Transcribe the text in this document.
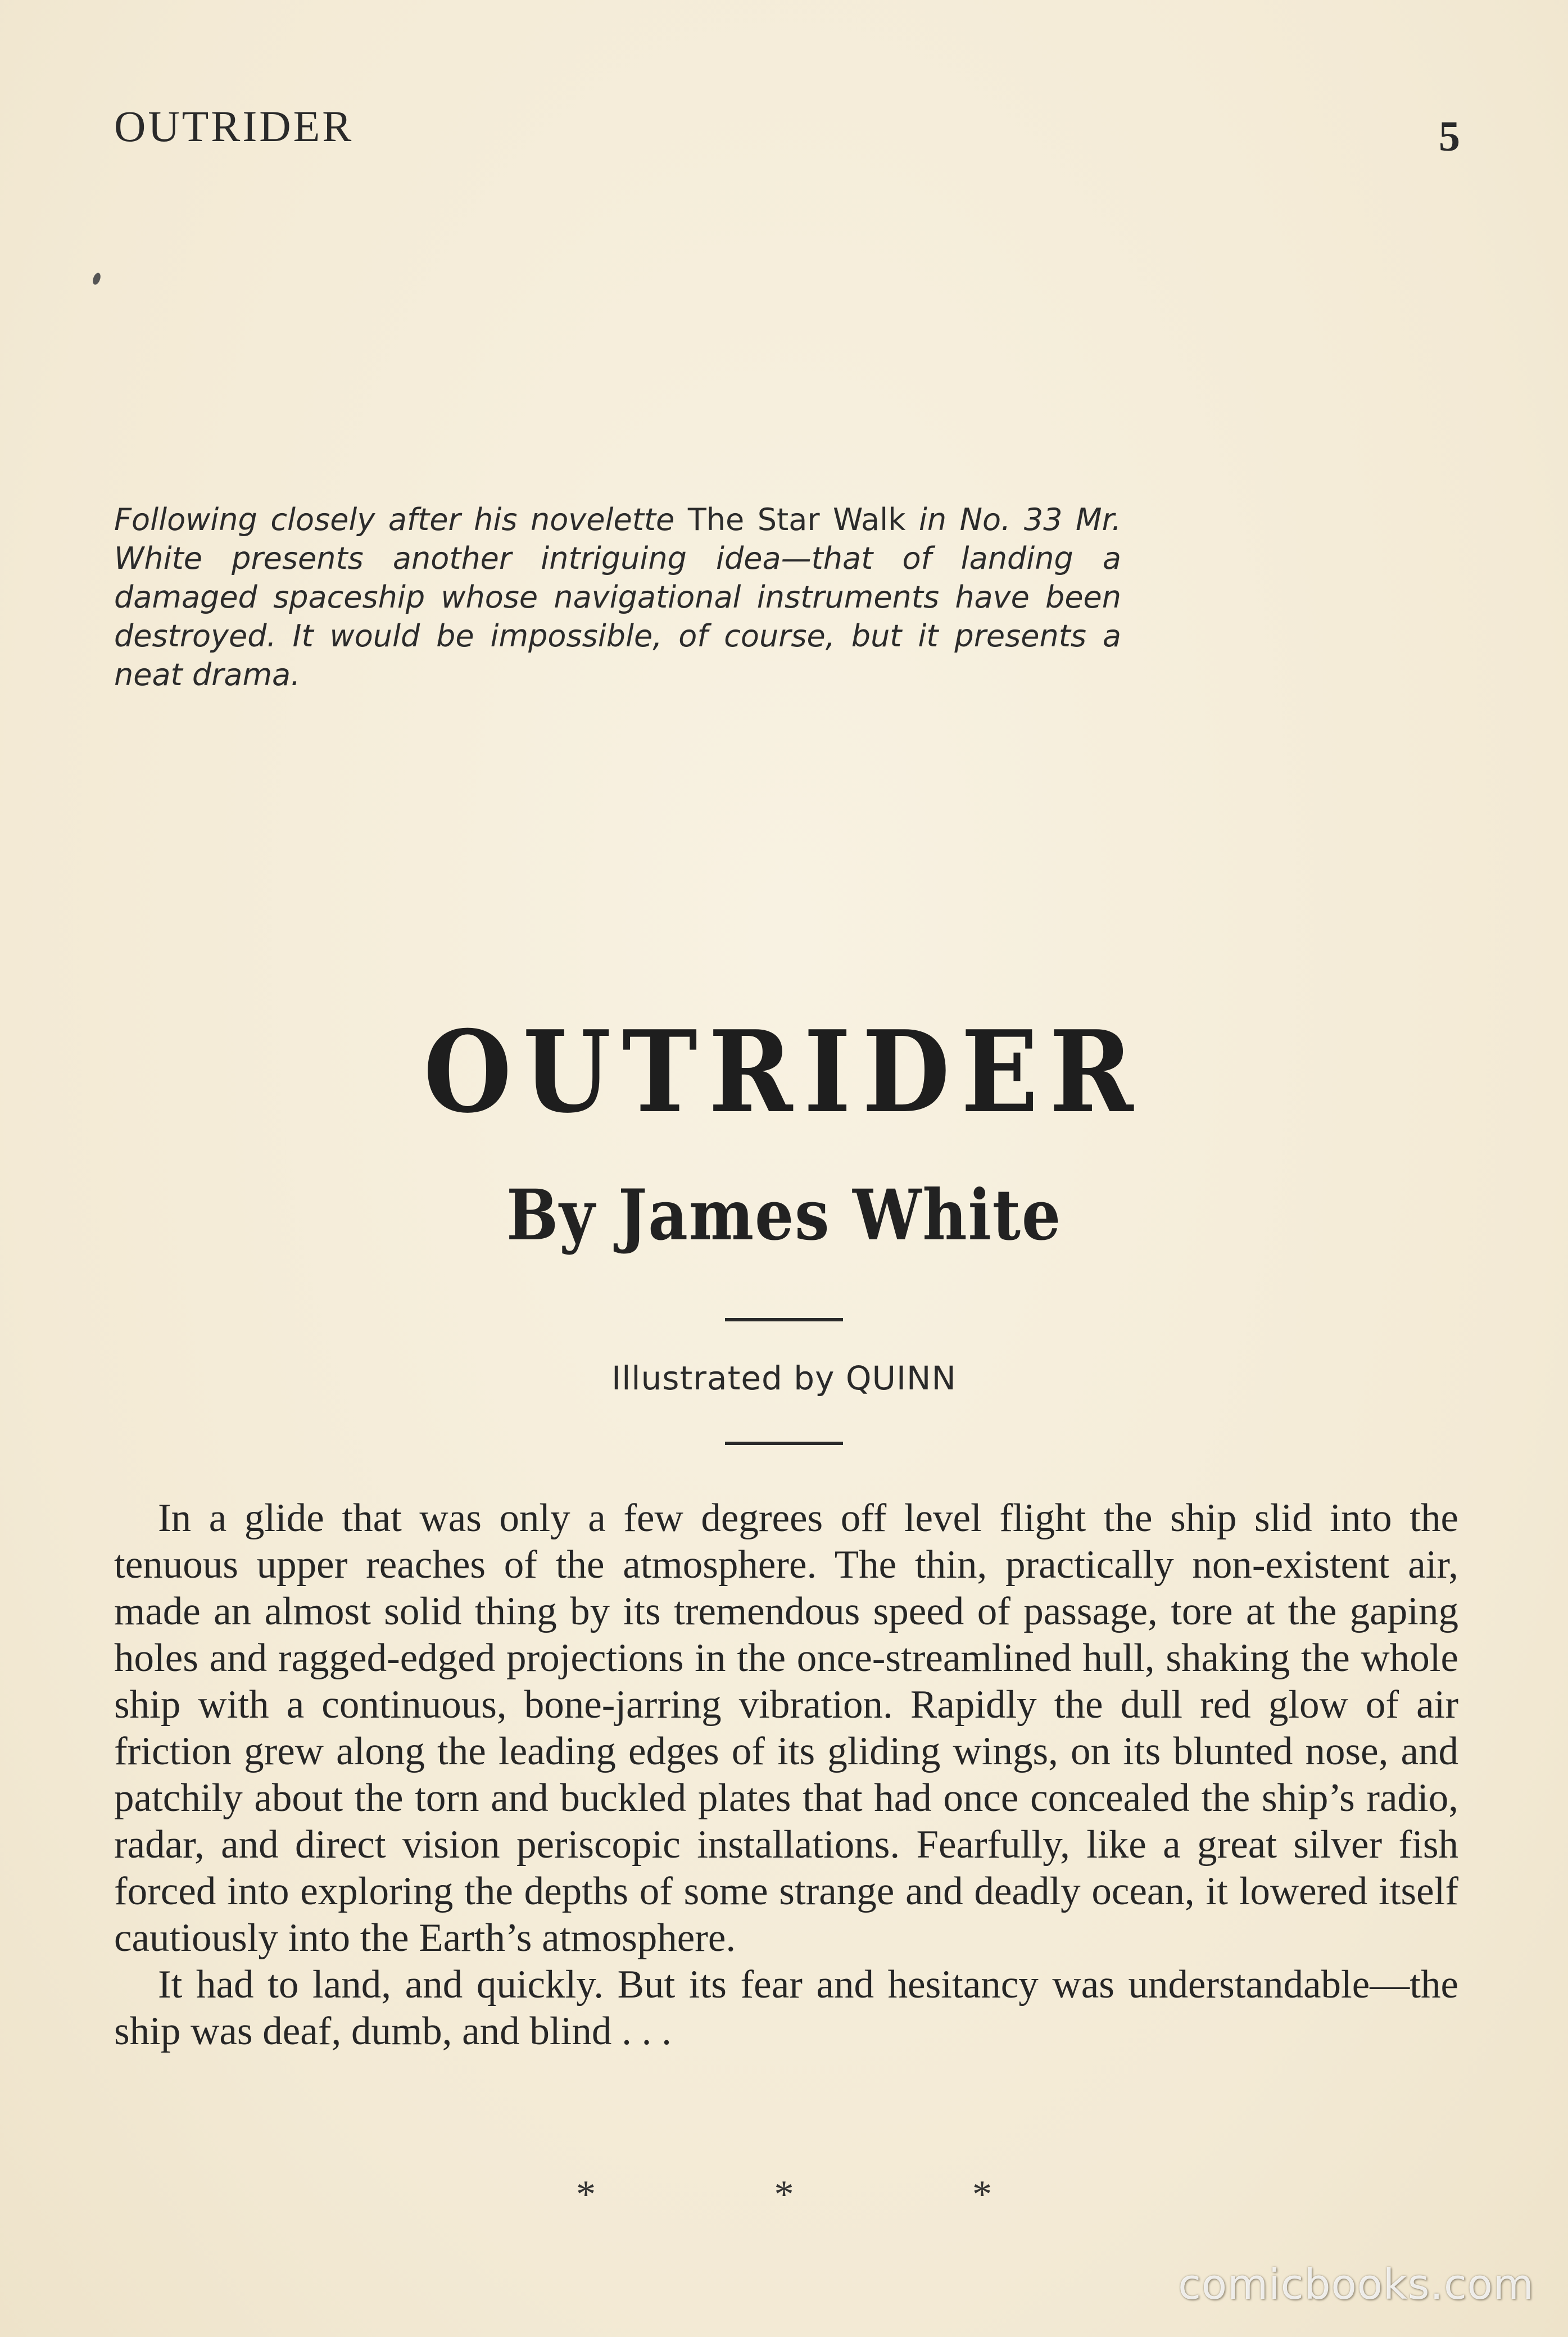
OUTRIDER	5
Following closely after his novelette The Star Walk in No. 33 Mr. White presents another intriguing idea—that of landing a damaged spaceship whose navigational instruments have been destroyed. It would be impossible, of course, but it presents a neat drama.
OUTRIDER
By James White
Illustrated by QUINN

In a glide that was only a few degrees off level flight the ship slid into the tenuous upper reaches of the atmosphere. The thin, practically non-existent air, made an almost solid thing by its tremendous speed of passage, tore at the gaping holes and ragged-edged projections in the once-streamlined hull, shaking the whole ship with a continuous, bone-jarring vibration. Rapidly the dull red glow of air friction grew along the leading edges of its gliding wings, on its blunted nose, and patchily about the torn and buckled plates that had once concealed the ship’s radio, radar, and direct vision periscopic installations. Fearfully, like a great silver fish forced into exploring the depths of some strange and deadly ocean, it lowered itself cautiously into the Earth’s atmosphere.

It had to land, and quickly. But its fear and hesitancy was understandable—the ship was deaf, dumb, and blind . . .

* * *
comicbooks.com
